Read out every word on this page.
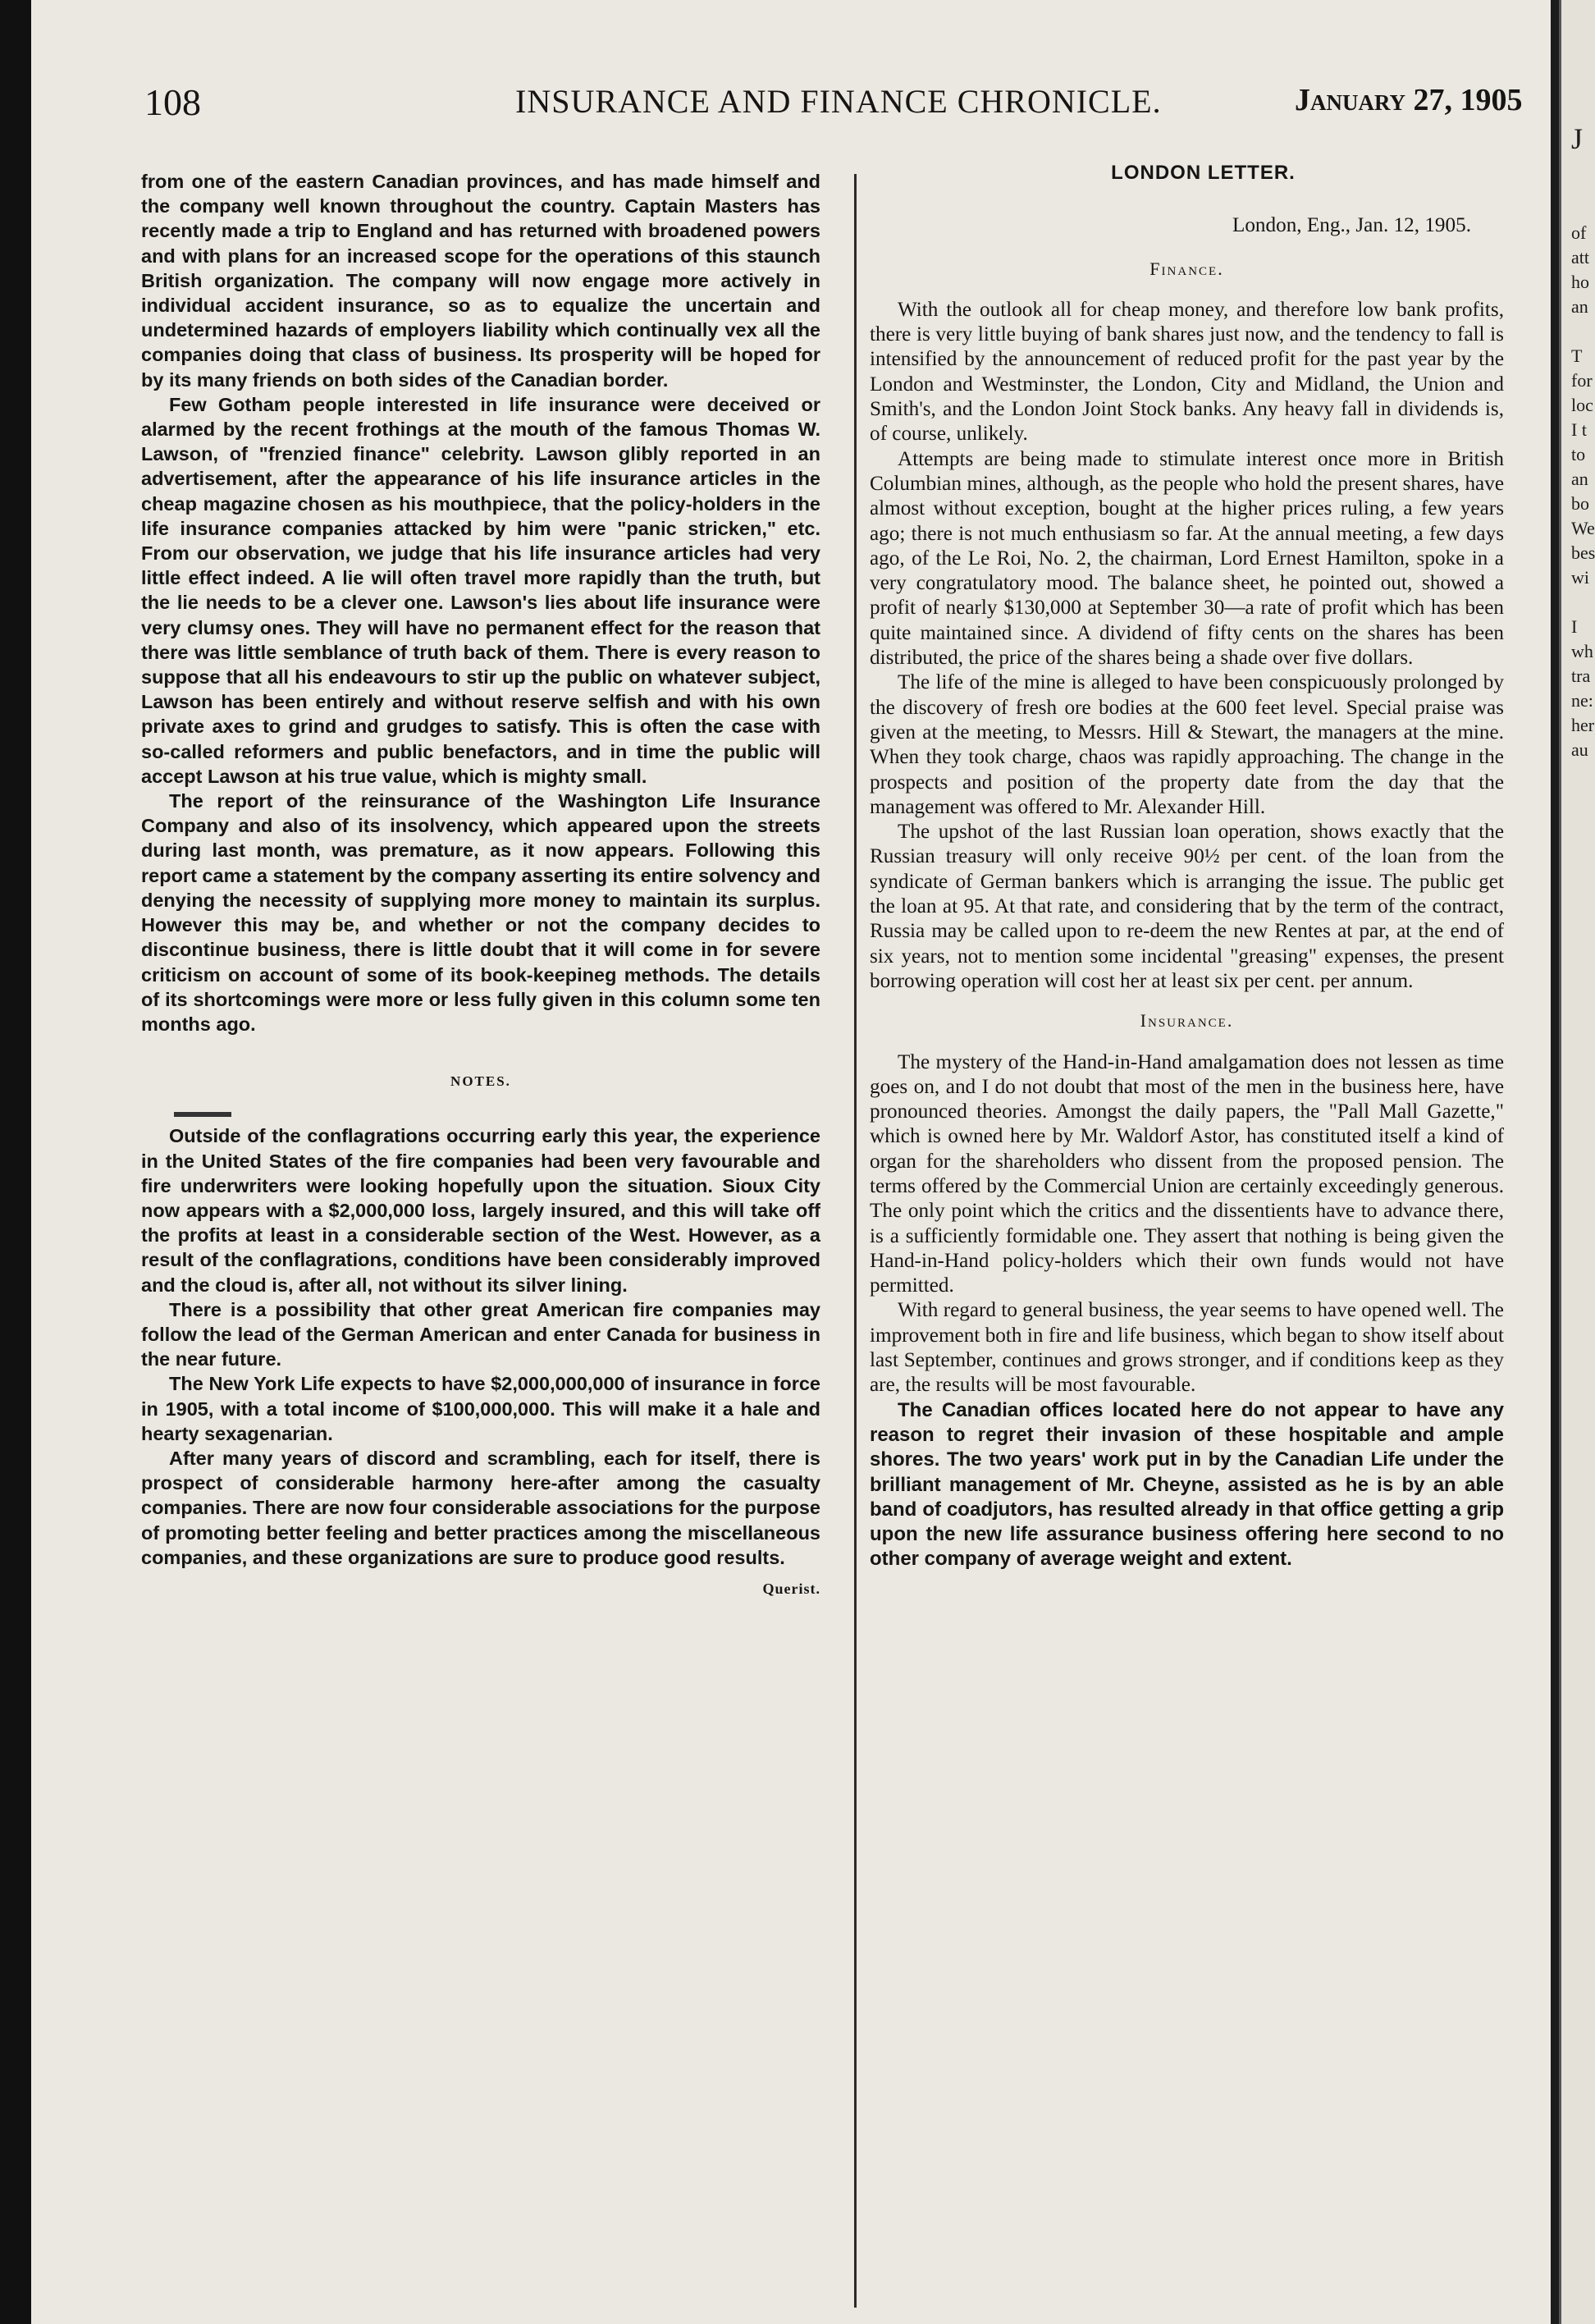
108	INSURANCE AND FINANCE CHRONICLE.	January 27, 1905

from one of the eastern Canadian provinces, and has made himself and the company well known throughout the country. Captain Masters has recently made a trip to England and has returned with broadened powers and with plans for an increased scope for the operations of this staunch British organization. The company will now engage more actively in individual accident insurance, so as to equalize the uncertain and undetermined hazards of employers liability which continually vex all the companies doing that class of business. Its prosperity will be hoped for by its many friends on both sides of the Canadian border.

Few Gotham people interested in life insurance were deceived or alarmed by the recent frothings at the mouth of the famous Thomas W. Lawson, of "frenzied finance" celebrity. Lawson glibly reported in an advertisement, after the appearance of his life insurance articles in the cheap magazine chosen as his mouthpiece, that the policy-holders in the life insurance companies attacked by him were "panic stricken," etc. From our observation, we judge that his life insurance articles had very little effect indeed. A lie will often travel more rapidly than the truth, but the lie needs to be a clever one. Lawson's lies about life insurance were very clumsy ones. They will have no permanent effect for the reason that there was little semblance of truth back of them. There is every reason to suppose that all his endeavours to stir up the public on whatever subject, Lawson has been entirely and without reserve selfish and with his own private axes to grind and grudges to satisfy. This is often the case with so-called reformers and public benefactors, and in time the public will accept Lawson at his true value, which is mighty small.

The report of the reinsurance of the Washington Life Insurance Company and also of its insolvency, which appeared upon the streets during last month, was premature, as it now appears. Following this report came a statement by the company asserting its entire solvency and denying the necessity of supplying more money to maintain its surplus. However this may be, and whether or not the company decides to discontinue business, there is little doubt that it will come in for severe criticism on account of some of its book-keepineg methods. The details of its shortcomings were more or less fully given in this column some ten months ago.

NOTES.

Outside of the conflagrations occurring early this year, the experience in the United States of the fire companies had been very favourable and fire underwriters were looking hopefully upon the situation. Sioux City now appears with a $2,000,000 loss, largely insured, and this will take off the profits at least in a considerable section of the West. However, as a result of the conflagrations, conditions have been considerably improved and the cloud is, after all, not without its silver lining.

There is a possibility that other great American fire companies may follow the lead of the German American and enter Canada for business in the near future.

The New York Life expects to have $2,000,000,000 of insurance in force in 1905, with a total income of $100,000,000. This will make it a hale and hearty sexagenarian.

After many years of discord and scrambling, each for itself, there is prospect of considerable harmony here-after among the casualty companies. There are now four considerable associations for the purpose of promoting better feeling and better practices among the miscellaneous companies, and these organizations are sure to produce good results.

Querist.
LONDON LETTER.
London, Eng., Jan. 12, 1905.
Finance.

With the outlook all for cheap money, and therefore low bank profits, there is very little buying of bank shares just now, and the tendency to fall is intensified by the announcement of reduced profit for the past year by the London and Westminster, the London, City and Midland, the Union and Smith's, and the London Joint Stock banks. Any heavy fall in dividends is, of course, unlikely.

Attempts are being made to stimulate interest once more in British Columbian mines, although, as the people who hold the present shares, have almost without exception, bought at the higher prices ruling, a few years ago; there is not much enthusiasm so far. At the annual meeting, a few days ago, of the Le Roi, No. 2, the chairman, Lord Ernest Hamilton, spoke in a very congratulatory mood. The balance sheet, he pointed out, showed a profit of nearly $130,000 at September 30—a rate of profit which has been quite maintained since. A dividend of fifty cents on the shares has been distributed, the price of the shares being a shade over five dollars.

The life of the mine is alleged to have been conspicuously prolonged by the discovery of fresh ore bodies at the 600 feet level. Special praise was given at the meeting, to Messrs. Hill & Stewart, the managers at the mine. When they took charge, chaos was rapidly approaching. The change in the prospects and position of the property date from the day that the management was offered to Mr. Alexander Hill.

The upshot of the last Russian loan operation, shows exactly that the Russian treasury will only receive 90½ per cent. of the loan from the syndicate of German bankers which is arranging the issue. The public get the loan at 95. At that rate, and considering that by the term of the contract, Russia may be called upon to re-deem the new Rentes at par, at the end of six years, not to mention some incidental "greasing" expenses, the present borrowing operation will cost her at least six per cent. per annum.

Insurance.

The mystery of the Hand-in-Hand amalgamation does not lessen as time goes on, and I do not doubt that most of the men in the business here, have pronounced theories. Amongst the daily papers, the "Pall Mall Gazette," which is owned here by Mr. Waldorf Astor, has constituted itself a kind of organ for the shareholders who dissent from the proposed pension. The terms offered by the Commercial Union are certainly exceedingly generous. The only point which the critics and the dissentients have to advance there, is a sufficiently formidable one. They assert that nothing is being given the Hand-in-Hand policy-holders which their own funds would not have permitted.

With regard to general business, the year seems to have opened well. The improvement both in fire and life business, which began to show itself about last September, continues and grows stronger, and if conditions keep as they are, the results will be most favourable.

The Canadian offices located here do not appear to have any reason to regret their invasion of these hospitable and ample shores. The two years' work put in by the Canadian Life under the brilliant management of Mr. Cheyne, assisted as he is by an able band of coadjutors, has resulted already in that office getting a grip upon the new life assurance business offering here second to no other company of average weight and extent.

J
of
att
ho
an
T
for
loc
I t
to
an
bo
We
bes
wi
I
wh
tra
ne:
her
au
